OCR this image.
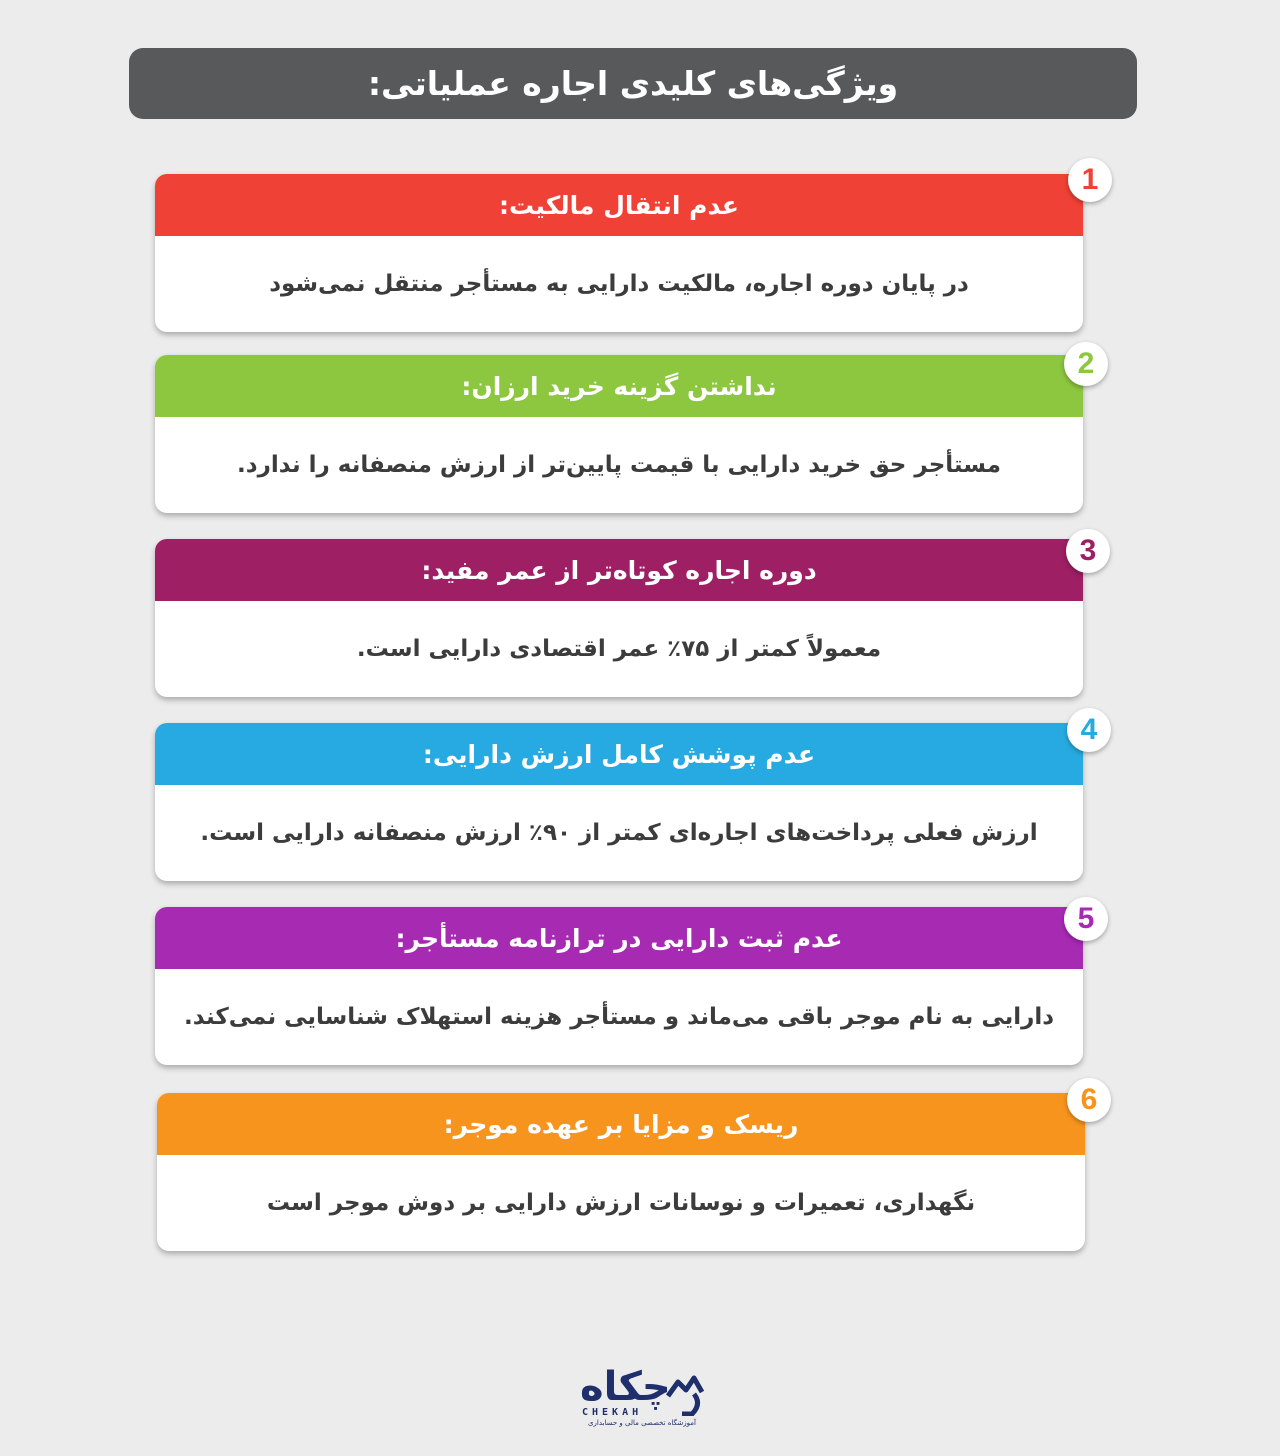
ویژگی‌های کلیدی اجاره عملیاتی:
عدم انتقال مالکیت:
در پایان دوره اجاره، مالکیت دارایی به مستأجر منتقل نمی‌شود
1
نداشتن گزینه خرید ارزان:
مستأجر حق خرید دارایی با قیمت پایین‌تر از ارزش منصفانه را ندارد.
2
دوره اجاره کوتاه‌تر از عمر مفید:
معمولاً کمتر از ۷۵٪ عمر اقتصادی دارایی است.
3
عدم پوشش کامل ارزش دارایی:
ارزش فعلی پرداخت‌های اجاره‌ای کمتر از ۹۰٪ ارزش منصفانه دارایی است.
4
عدم ثبت دارایی در ترازنامه مستأجر:
دارایی به نام موجر باقی می‌ماند و مستأجر هزینه استهلاک شناسایی نمی‌کند.
5
ریسک و مزایا بر عهده موجر:
نگهداری، تعمیرات و نوسانات ارزش دارایی بر دوش موجر است
6
چکاه
CHEKAH
آموزشگاه تخصصی مالی و حسابداری
